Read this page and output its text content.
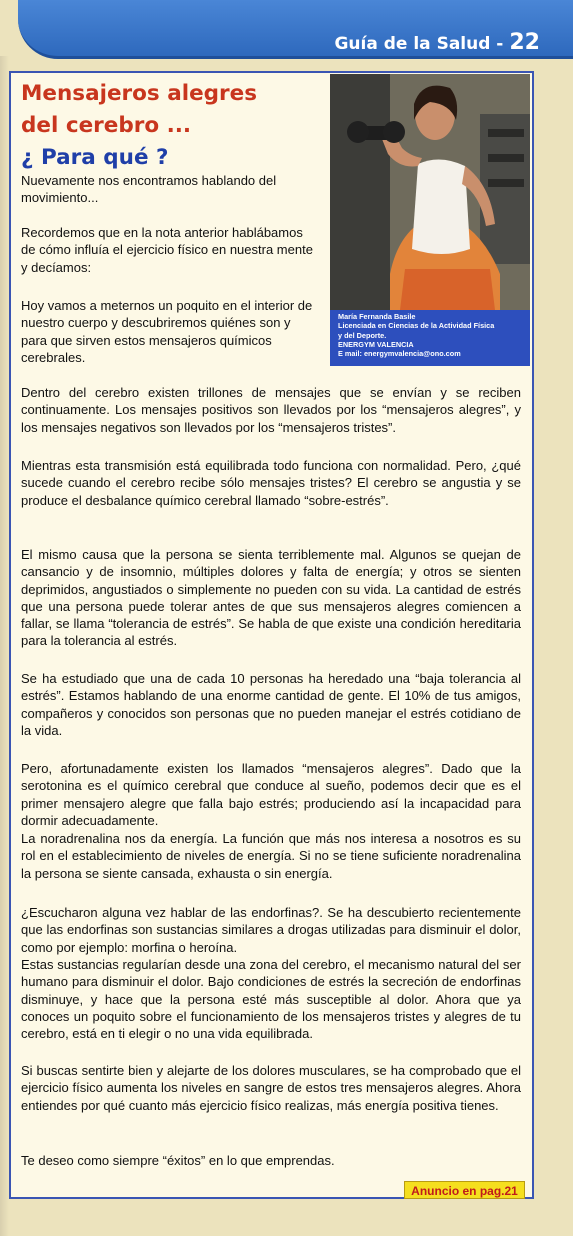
Guía de la Salud - 22
Mensajeros alegres
del cerebro ...
¿ Para qué ?
María Fernanda Basile
Licenciada en Ciencias de la Actividad Física
y del Deporte.
ENERGYM VALENCIA
E mail: energymvalencia@ono.com

Nuevamente nos encontramos hablando del movimiento...

Recordemos que en la nota anterior hablábamos de cómo influía el ejercicio físico en nuestra mente y decíamos:

Hoy vamos a meternos un poquito en el interior de nuestro cuerpo y descubriremos quiénes son y para que sirven estos mensajeros químicos cerebrales.

Dentro del cerebro existen trillones de mensajes que se envían y se reciben continuamente. Los mensajes positivos son llevados por los “mensajeros alegres”, y los mensajes negativos son llevados por los “mensajeros tristes”.

Mientras esta transmisión está equilibrada todo funciona con normalidad. Pero, ¿qué sucede cuando el cerebro recibe sólo mensajes tristes? El cerebro se angustia y se produce el desbalance químico cerebral llamado “sobre-estrés”.

El mismo causa que la persona se sienta terriblemente mal. Algunos se quejan de cansancio y de insomnio, múltiples dolores y falta de energía; y otros se sienten deprimidos, angustiados o simplemente no pueden con su vida. La cantidad de estrés que una persona puede tolerar antes de que sus mensajeros alegres comiencen a fallar, se llama “tolerancia de estrés”. Se habla de que existe una condición hereditaria para la tolerancia al estrés.

Se ha estudiado que una de cada 10 personas ha heredado una “baja tolerancia al estrés”. Estamos hablando de una enorme cantidad de gente. El 10% de tus amigos, compañeros y conocidos son personas que no pueden manejar el estrés cotidiano de la vida.

Pero, afortunadamente existen los llamados “mensajeros alegres”. Dado que la serotonina es el químico cerebral que conduce al sueño, podemos decir que es el primer mensajero alegre que falla bajo estrés; produciendo así la incapacidad para dormir adecuadamente.

La noradrenalina nos da energía. La función que más nos interesa a nosotros es su rol en el establecimiento de niveles de energía. Si no se tiene suficiente noradrenalina la persona se siente cansada, exhausta o sin energía.

¿Escucharon alguna vez hablar de las endorfinas?. Se ha descubierto recientemente que las endorfinas son sustancias similares a drogas utilizadas para disminuir el dolor, como por ejemplo: morfina o heroína.

Estas sustancias regularían desde una zona del cerebro, el mecanismo natural del ser humano para disminuir el dolor. Bajo condiciones de estrés la secreción de endorfinas disminuye, y hace que la persona esté más susceptible al dolor. Ahora que ya conoces un poquito sobre el funcionamiento de los mensajeros tristes y alegres de tu cerebro, está en ti elegir o no una vida equilibrada.

Si buscas sentirte bien y alejarte de los dolores musculares, se ha comprobado que el ejercicio físico aumenta los niveles en sangre de estos tres mensajeros alegres. Ahora entiendes por qué cuanto más ejercicio físico realizas, más energía positiva tienes.

Te deseo como siempre “éxitos” en lo que emprendas.

Anuncio en pag.21
